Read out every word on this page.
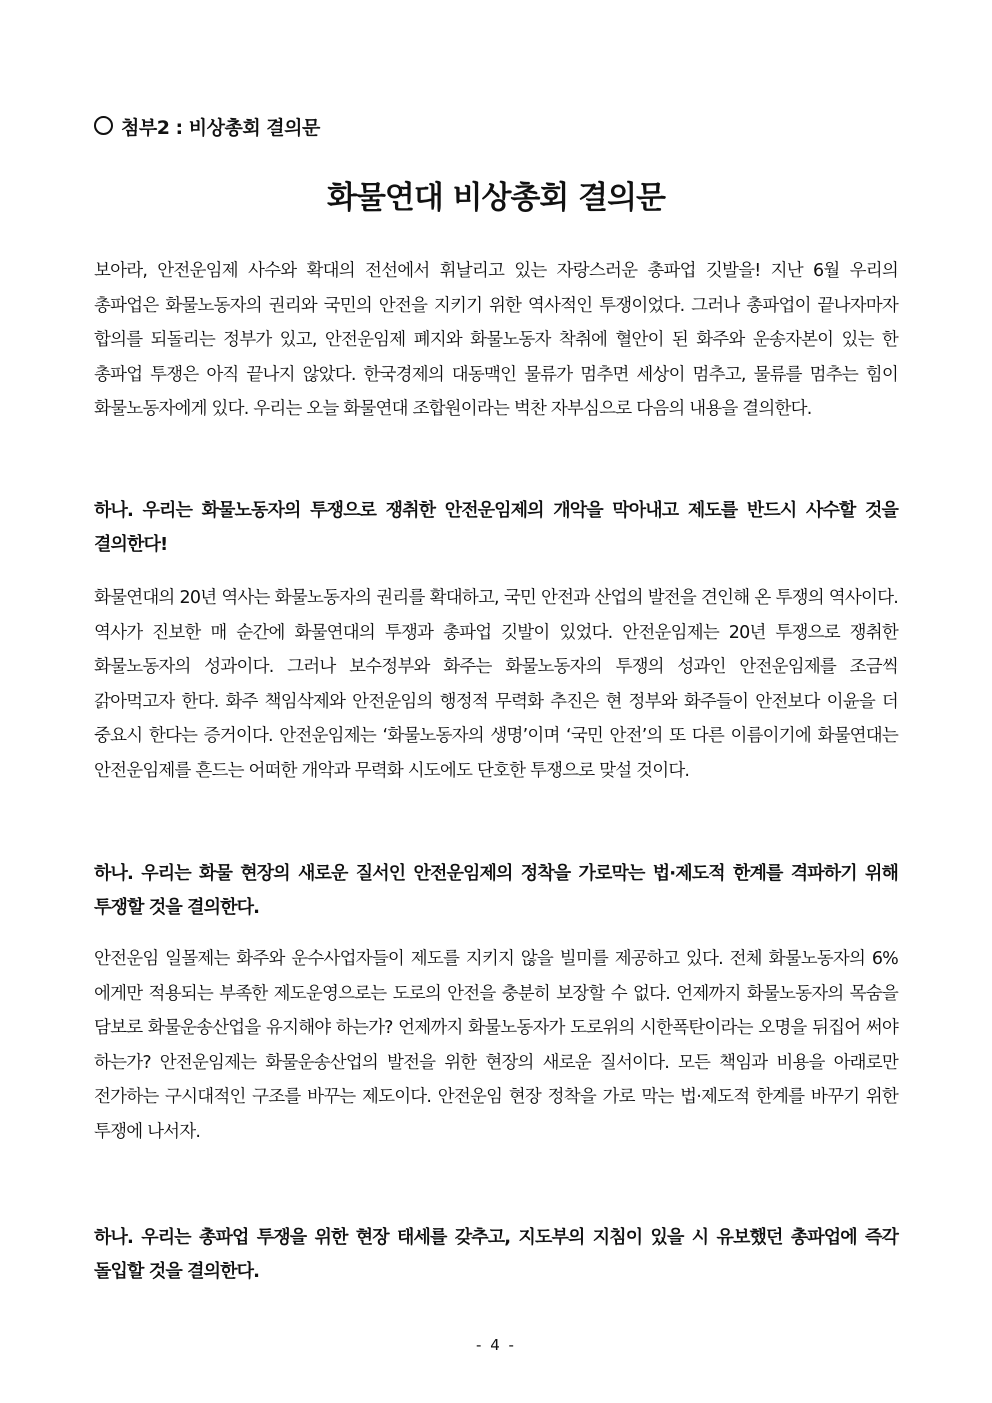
첨부2 : 비상총회 결의문
화물연대 비상총회 결의문
보아라, 안전운임제 사수와 확대의 전선에서 휘날리고 있는 자랑스러운 총파업 깃발을! 지난 6월 우리의 총파업은 화물노동자의 권리와 국민의 안전을 지키기 위한 역사적인 투쟁이었다. 그러나 총파업이 끝나자마자 합의를 되돌리는 정부가 있고, 안전운임제 폐지와 화물노동자 착취에 혈안이 된 화주와 운송자본이 있는 한 총파업 투쟁은 아직 끝나지 않았다. 한국경제의 대동맥인 물류가 멈추면 세상이 멈추고, 물류를 멈추는 힘이 화물노동자에게 있다. 우리는 오늘 화물연대 조합원이라는 벅찬 자부심으로 다음의 내용을 결의한다.
하나. 우리는 화물노동자의 투쟁으로 쟁취한 안전운임제의 개악을 막아내고 제도를 반드시 사수할 것을 결의한다!
화물연대의 20년 역사는 화물노동자의 권리를 확대하고, 국민 안전과 산업의 발전을 견인해 온 투쟁의 역사이다. 역사가 진보한 매 순간에 화물연대의 투쟁과 총파업 깃발이 있었다. 안전운임제는 20년 투쟁으로 쟁취한 화물노동자의 성과이다. 그러나 보수정부와 화주는 화물노동자의 투쟁의 성과인 안전운임제를 조금씩 갉아먹고자 한다. 화주 책임삭제와 안전운임의 행정적 무력화 추진은 현 정부와 화주들이 안전보다 이윤을 더 중요시 한다는 증거이다. 안전운임제는 ‘화물노동자의 생명’이며 ‘국민 안전’의 또 다른 이름이기에 화물연대는 안전운임제를 흔드는 어떠한 개악과 무력화 시도에도 단호한 투쟁으로 맞설 것이다.
하나. 우리는 화물 현장의 새로운 질서인 안전운임제의 정착을 가로막는 법·제도적 한계를 격파하기 위해 투쟁할 것을 결의한다.
안전운임 일몰제는 화주와 운수사업자들이 제도를 지키지 않을 빌미를 제공하고 있다. 전체 화물노동자의 6%에게만 적용되는 부족한 제도운영으로는 도로의 안전을 충분히 보장할 수 없다. 언제까지 화물노동자의 목숨을 담보로 화물운송산업을 유지해야 하는가? 언제까지 화물노동자가 도로위의 시한폭탄이라는 오명을 뒤집어 써야 하는가? 안전운임제는 화물운송산업의 발전을 위한 현장의 새로운 질서이다. 모든 책임과 비용을 아래로만 전가하는 구시대적인 구조를 바꾸는 제도이다. 안전운임 현장 정착을 가로 막는 법·제도적 한계를 바꾸기 위한 투쟁에 나서자.
하나. 우리는 총파업 투쟁을 위한 현장 태세를 갖추고, 지도부의 지침이 있을 시 유보했던 총파업에 즉각 돌입할 것을 결의한다.
- 4 -
